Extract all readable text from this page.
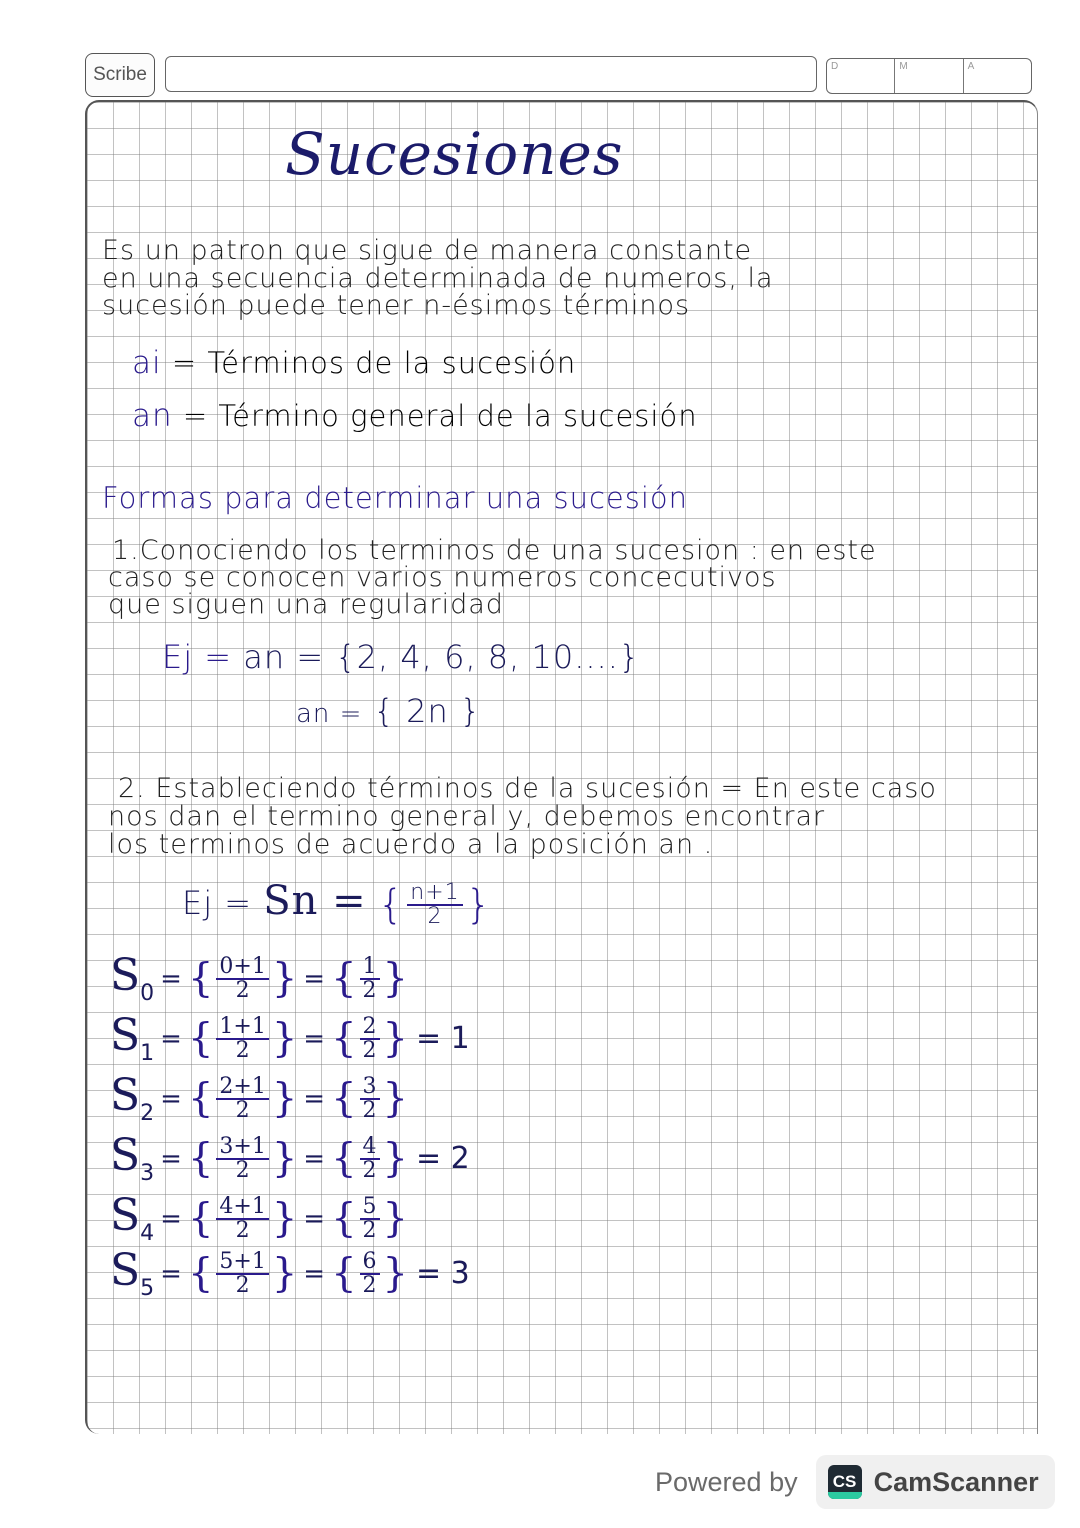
Scribe	D	M	A
Sucesiones
Es un patron que sigue de manera constante
en una secuencia determinada de numeros, la
sucesión puede tener n-ésimos términos
ai = Términos de la sucesión
an = Término general de la sucesión
Formas para determinar una sucesión
1.Conociendo los terminos de una sucesion : en este
caso se conocen varios numeros concecutivos
que siguen una regularidad
Ej = an = {2, 4, 6, 8, 10....}
an = { 2n }
2. Estableciendo términos de la sucesión = En este caso
nos dan el termino general y, debemos encontrar
los terminos de acuerdo a la posición an .
Ej = Sn = { $\frac{n+1}{2}$ }
$S_0$ = { $\frac{0+1}{2}$ } = { $\frac{1}{2}$ }
$S_1$ = { $\frac{1+1}{2}$ } = { $\frac{2}{2}$ } = 1
$S_2$ = { $\frac{2+1}{2}$ } = { $\frac{3}{2}$ }
$S_3$ = { $\frac{3+1}{2}$ } = { $\frac{4}{2}$ } = 2
$S_4$ = { $\frac{4+1}{2}$ } = { $\frac{5}{2}$ }
$S_5$ = { $\frac{5+1}{2}$ } = { $\frac{6}{2}$ } = 3
Powered by	CS CamScanner
